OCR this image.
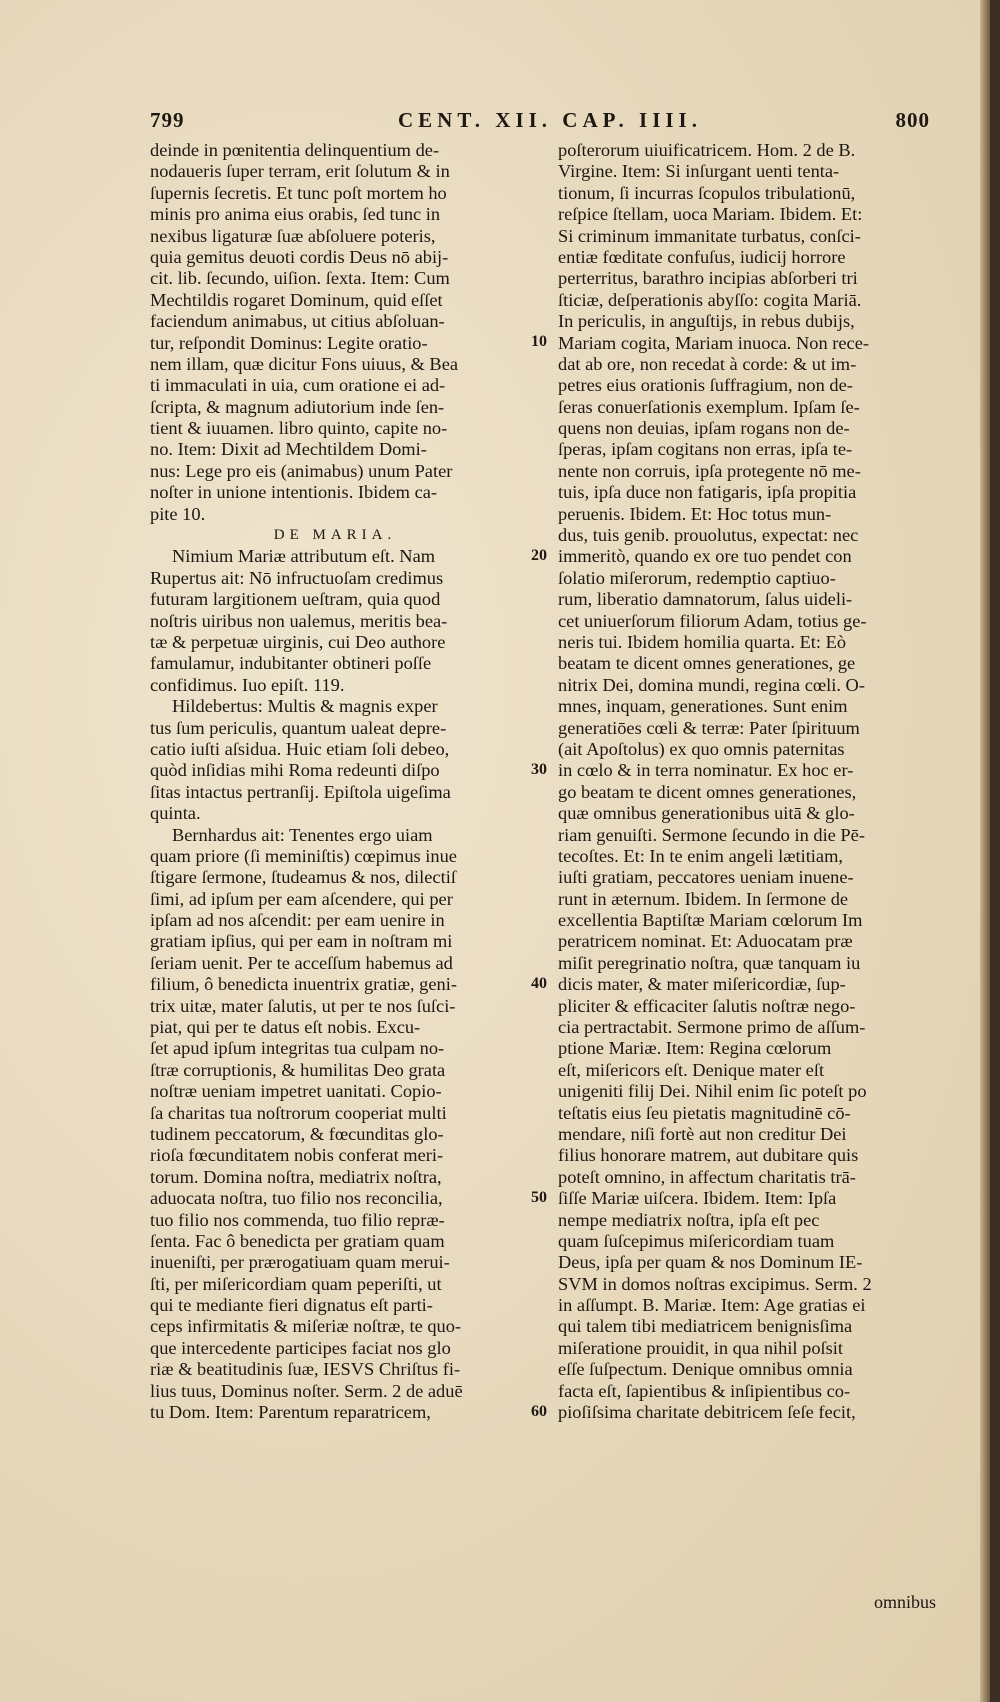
799	CENT. XII. CAP. IIII.	800
deinde in pœnitentia delinquentium de-
nodaueris ſuper terram, erit ſolutum & in
ſupernis ſecretis. Et tunc poſt mortem ho
minis pro anima eius orabis, ſed tunc in
nexibus ligaturæ ſuæ abſoluere poteris,
quia gemitus deuoti cordis Deus nō abij-
cit. lib. ſecundo, uiſion. ſexta. Item: Cum
Mechtildis rogaret Dominum, quid eſſet
faciendum animabus, ut citius abſoluan-
tur, reſpondit Dominus: Legite oratio-
nem illam, quæ dicitur Fons uiuus, & Bea
ti immaculati in uia, cum oratione ei ad-
ſcripta, & magnum adiutorium inde ſen-
tient & iuuamen. libro quinto, capite no-
no. Item: Dixit ad Mechtildem Domi-
nus: Lege pro eis (animabus) unum Pater
noſter in unione intentionis. Ibidem ca-
pite 10.
DE MARIA.
Nimium Mariæ attributum eſt. Nam
Rupertus ait: Nō infructuoſam credimus
futuram largitionem ueſtram, quia quod
noſtris uiribus non ualemus, meritis bea-
tæ & perpetuæ uirginis, cui Deo authore
famulamur, indubitanter obtineri poſſe
confidimus. Iuo epiſt. 119.
Hildebertus: Multis & magnis exper
tus ſum periculis, quantum ualeat depre-
catio iuſti aſsidua. Huic etiam ſoli debeo,
quòd inſidias mihi Roma redeunti diſpo
ſitas intactus pertranſij. Epiſtola uigeſima
quinta.
Bernhardus ait: Tenentes ergo uiam
quam priore (ſi meminiſtis) cœpimus inue
ſtigare ſermone, ſtudeamus & nos, dilectiſ
ſimi, ad ipſum per eam aſcendere, qui per
ipſam ad nos aſcendit: per eam uenire in
gratiam ipſius, qui per eam in noſtram mi
ſeriam uenit. Per te acceſſum habemus ad
filium, ô benedicta inuentrix gratiæ, geni-
trix uitæ, mater ſalutis, ut per te nos ſuſci-
piat, qui per te datus eſt nobis. Excu-
ſet apud ipſum integritas tua culpam no-
ſtræ corruptionis, & humilitas Deo grata
noſtræ ueniam impetret uanitati. Copio-
ſa charitas tua noſtrorum cooperiat multi
tudinem peccatorum, & fœcunditas glo-
rioſa fœcunditatem nobis conferat meri-
torum. Domina noſtra, mediatrix noſtra,
aduocata noſtra, tuo filio nos reconcilia,
tuo filio nos commenda, tuo filio repræ-
ſenta. Fac ô benedicta per gratiam quam
inueniſti, per prærogatiuam quam merui-
ſti, per miſericordiam quam peperiſti, ut
qui te mediante fieri dignatus eſt parti-
ceps infirmitatis & miſeriæ noſtræ, te quo-
que intercedente participes faciat nos glo
riæ & beatitudinis ſuæ, IESVS Chriſtus fi-
lius tuus, Dominus noſter. Serm. 2 de aduē
tu Dom. Item: Parentum reparatricem,
poſterorum uiuificatricem. Hom. 2 de B.
Virgine. Item: Si inſurgant uenti tenta-
tionum, ſi incurras ſcopulos tribulationū,
reſpice ſtellam, uoca Mariam. Ibidem. Et:
Si criminum immanitate turbatus, conſci-
entiæ fœditate confuſus, iudicij horrore
perterritus, barathro incipias abſorberi tri
ſticiæ, deſperationis abyſſo: cogita Mariā.
In periculis, in anguſtijs, in rebus dubijs,
Mariam cogita, Mariam inuoca. Non rece-
dat ab ore, non recedat à corde: & ut im-
petres eius orationis ſuffragium, non de-
ſeras conuerſationis exemplum. Ipſam ſe-
quens non deuias, ipſam rogans non de-
ſperas, ipſam cogitans non erras, ipſa te-
nente non corruis, ipſa protegente nō me-
tuis, ipſa duce non fatigaris, ipſa propitia
peruenis. Ibidem. Et: Hoc totus mun-
dus, tuis genib. prouolutus, expectat: nec
immeritò, quando ex ore tuo pendet con
ſolatio miſerorum, redemptio captiuo-
rum, liberatio damnatorum, ſalus uideli-
cet uniuerſorum filiorum Adam, totius ge-
neris tui. Ibidem homilia quarta. Et: Eò
beatam te dicent omnes generationes, ge
nitrix Dei, domina mundi, regina cœli. O-
mnes, inquam, generationes. Sunt enim
generatiōes cœli & terræ: Pater ſpirituum
(ait Apoſtolus) ex quo omnis paternitas
in cœlo & in terra nominatur. Ex hoc er-
go beatam te dicent omnes generationes,
quæ omnibus generationibus uitā & glo-
riam genuiſti. Sermone ſecundo in die Pē-
tecoſtes. Et: In te enim angeli lætitiam,
iuſti gratiam, peccatores ueniam inuene-
runt in æternum. Ibidem. In ſermone de
excellentia Baptiſtæ Mariam cœlorum Im
peratricem nominat. Et: Aduocatam præ
miſit peregrinatio noſtra, quæ tanquam iu
dicis mater, & mater miſericordiæ, ſup-
pliciter & efficaciter ſalutis noſtræ nego-
cia pertractabit. Sermone primo de aſſum-
ptione Mariæ. Item: Regina cœlorum
eſt, miſericors eſt. Denique mater eſt
unigeniti filij Dei. Nihil enim ſic poteſt po
teſtatis eius ſeu pietatis magnitudinē cō-
mendare, niſi fortè aut non creditur Dei
filius honorare matrem, aut dubitare quis
poteſt omnino, in affectum charitatis trā-
ſiſſe Mariæ uiſcera. Ibidem. Item: Ipſa
nempe mediatrix noſtra, ipſa eſt pec
quam ſuſcepimus miſericordiam tuam
Deus, ipſa per quam & nos Dominum IE-
SVM in domos noſtras excipimus. Serm. 2
in aſſumpt. B. Mariæ. Item: Age gratias ei
qui talem tibi mediatricem benignisſima
miſeratione prouidit, in qua nihil poſsit
eſſe ſuſpectum. Denique omnibus omnia
facta eſt, ſapientibus & inſipientibus co-
pioſiſsima charitate debitricem ſeſe fecit,
10
20
30
40
50
60
omnibus
